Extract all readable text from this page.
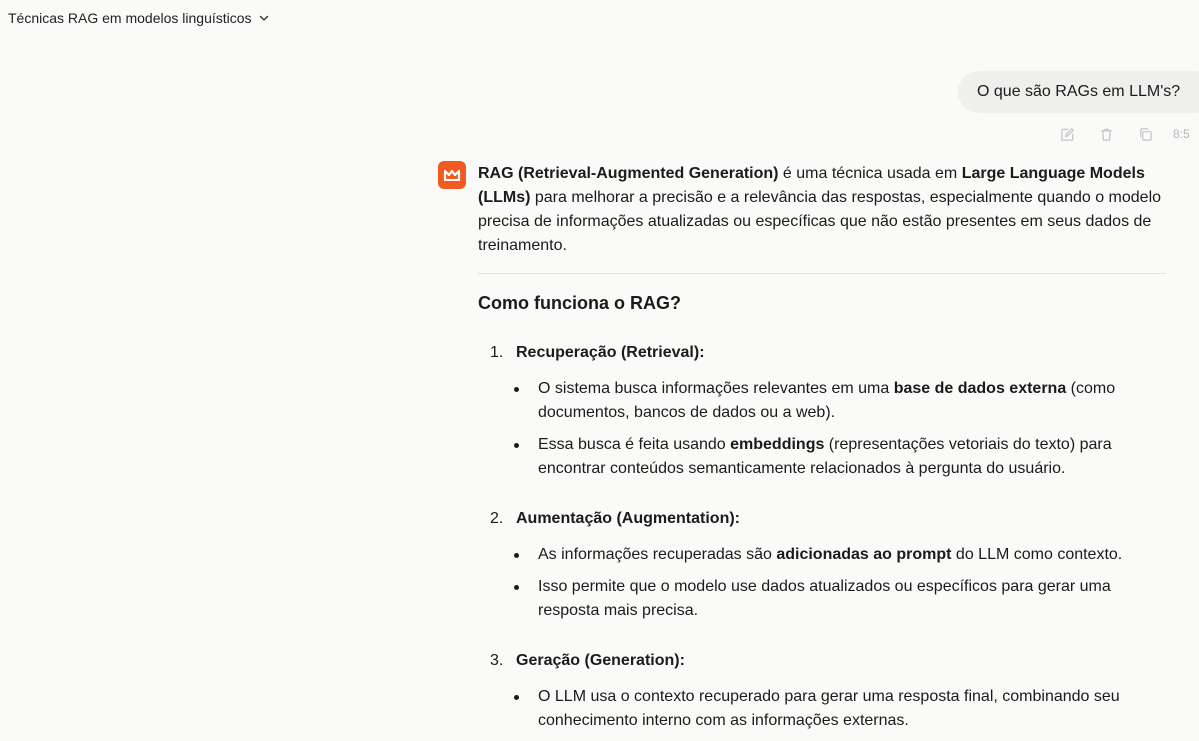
Técnicas RAG em modelos linguísticos
O que são RAGs em LLM's?
8:5

RAG (Retrieval-Augmented Generation) é uma técnica usada em Large Language Models (LLMs) para melhorar a precisão e a relevância das respostas, especialmente quando o modelo precisa de informações atualizadas ou específicas que não estão presentes em seus dados de treinamento.

Como funciona o RAG?
1. Recuperação (Retrieval):
O sistema busca informações relevantes em uma base de dados externa (como documentos, bancos de dados ou a web).
Essa busca é feita usando embeddings (representações vetoriais do texto) para encontrar conteúdos semanticamente relacionados à pergunta do usuário.
2. Aumentação (Augmentation):
As informações recuperadas são adicionadas ao prompt do LLM como contexto.
Isso permite que o modelo use dados atualizados ou específicos para gerar uma resposta mais precisa.
3. Geração (Generation):
O LLM usa o contexto recuperado para gerar uma resposta final, combinando seu conhecimento interno com as informações externas.
